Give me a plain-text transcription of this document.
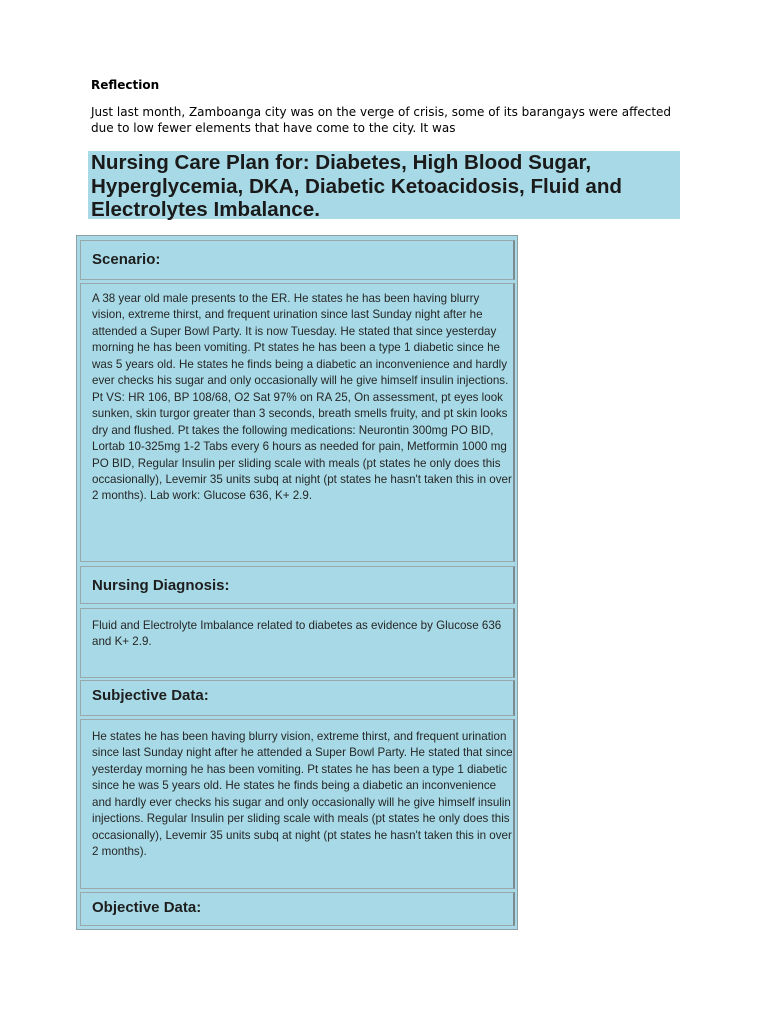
Reflection
Just last month, Zamboanga city was on the verge of crisis, some of its barangays were affected due to low fewer elements that have come to the city. It was
Nursing Care Plan for: Diabetes, High Blood Sugar, Hyperglycemia, DKA, Diabetic Ketoacidosis, Fluid and Electrolytes Imbalance.
Scenario:
A 38 year old male presents to the ER. He states he has been having blurry vision, extreme thirst, and frequent urination since last Sunday night after he attended a Super Bowl Party. It is now Tuesday. He stated that since yesterday morning he has been vomiting. Pt states he has been a type 1 diabetic since he was 5 years old. He states he finds being a diabetic an inconvenience and hardly ever checks his sugar and only occasionally will he give himself insulin injections. Pt VS: HR 106, BP 108/68, O2 Sat 97% on RA 25, On assessment, pt eyes look sunken, skin turgor greater than 3 seconds, breath smells fruity, and pt skin looks dry and flushed. Pt takes the following medications: Neurontin 300mg PO BID, Lortab 10-325mg 1-2 Tabs every 6 hours as needed for pain, Metformin 1000 mg PO BID, Regular Insulin per sliding scale with meals (pt states he only does this occasionally), Levemir 35 units subq at night (pt states he hasn't taken this in over 2 months). Lab work: Glucose 636, K+ 2.9.
Nursing Diagnosis:
Fluid and Electrolyte Imbalance related to diabetes as evidence by Glucose 636 and K+ 2.9.
Subjective Data:
He states he has been having blurry vision, extreme thirst, and frequent urination since last Sunday night after he attended a Super Bowl Party. He stated that since yesterday morning he has been vomiting. Pt states he has been a type 1 diabetic since he was 5 years old. He states he finds being a diabetic an inconvenience and hardly ever checks his sugar and only occasionally will he give himself insulin injections. Regular Insulin per sliding scale with meals (pt states he only does this occasionally), Levemir 35 units subq at night (pt states he hasn't taken this in over 2 months).
Objective Data:
